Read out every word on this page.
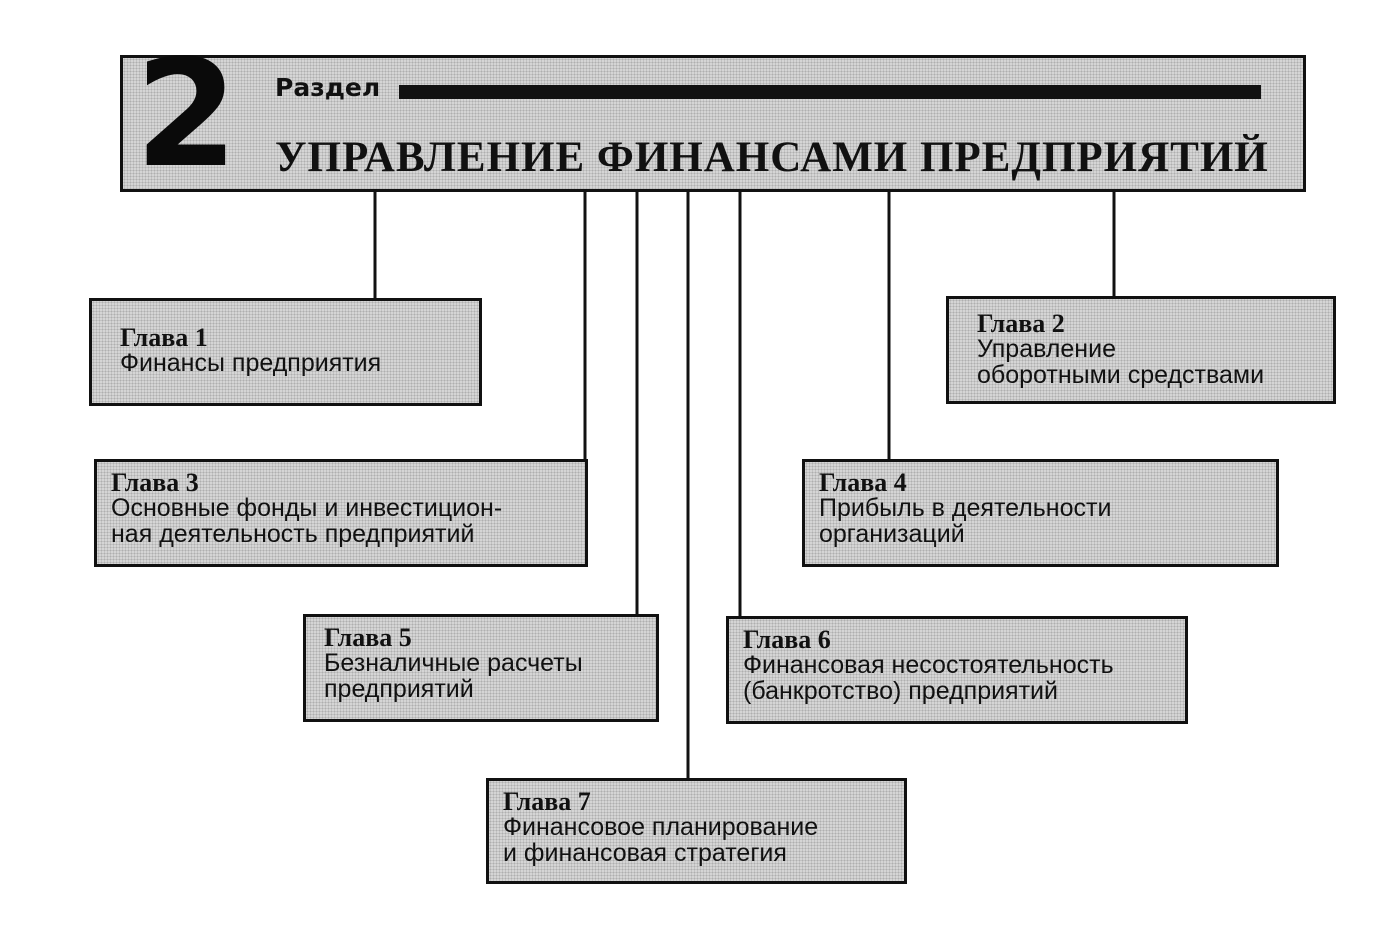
2 Раздел
УПРАВЛЕНИЕ ФИНАНСАМИ ПРЕДПРИЯТИЙ
Глава 1
Финансы предприятия
Глава 2
Управление
оборотными средствами
Глава 3
Основные фонды и инвестицион-
ная деятельность предприятий
Глава 4
Прибыль в деятельности
организаций
Глава 5
Безналичные расчеты
предприятий
Глава 6
Финансовая несостоятельность
(банкротство) предприятий
Глава 7
Финансовое планирование
и финансовая стратегия
